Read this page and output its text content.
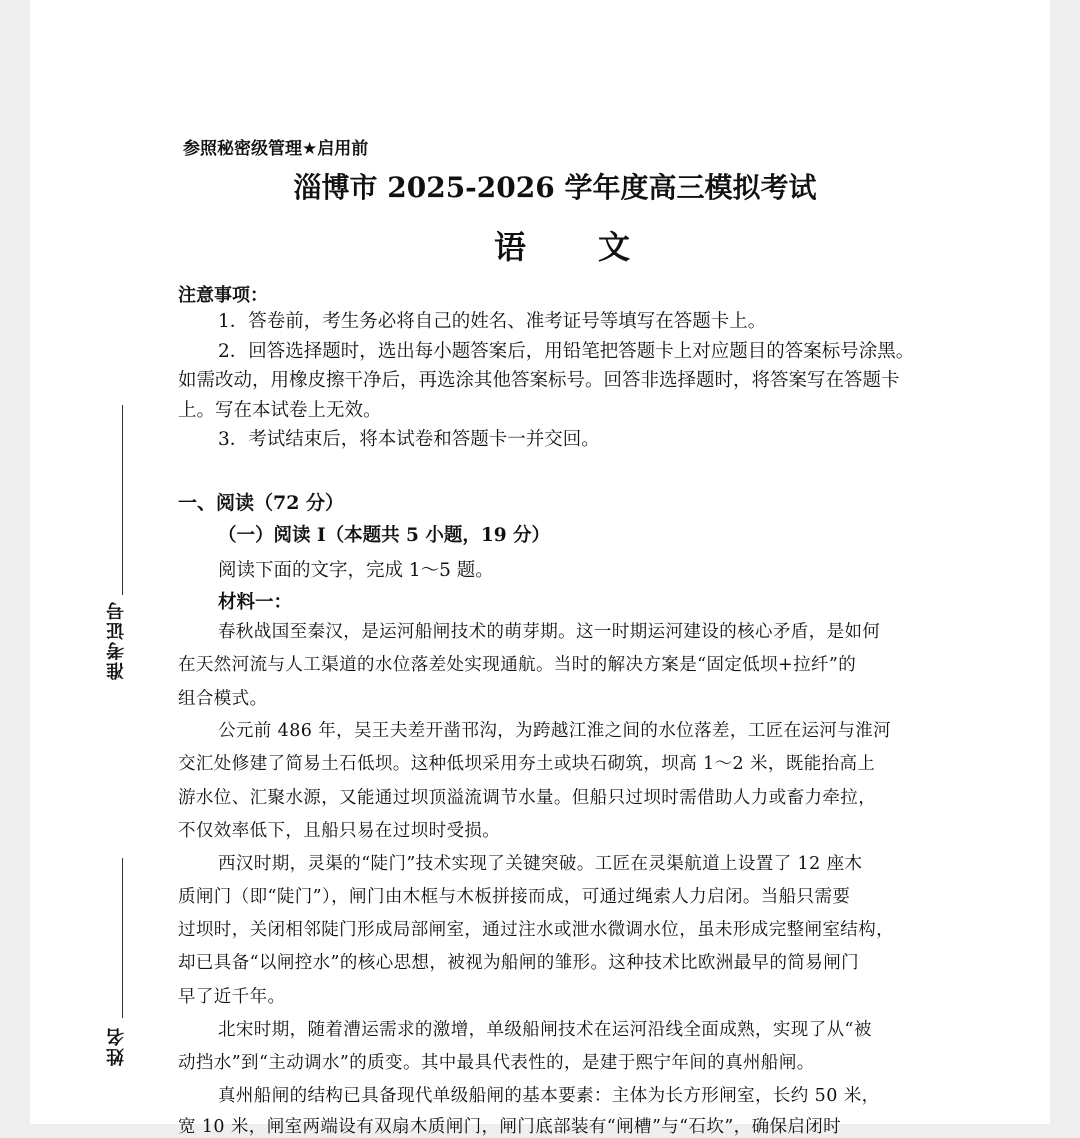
准考证号
姓名
参照秘密级管理★启用前
淄博市 2025-2026 学年度高三模拟考试
语文
注意事项：
1．答卷前，考生务必将自己的姓名、准考证号等填写在答题卡上。
2．回答选择题时，选出每小题答案后，用铅笔把答题卡上对应题目的答案标号涂黑。
如需改动，用橡皮擦干净后，再选涂其他答案标号。回答非选择题时，将答案写在答题卡
上。写在本试卷上无效。
3．考试结束后，将本试卷和答题卡一并交回。
一、阅读（72 分）
（一）阅读 I（本题共 5 小题，19 分）
阅读下面的文字，完成 1～5 题。
材料一：
春秋战国至秦汉，是运河船闸技术的萌芽期。这一时期运河建设的核心矛盾，是如何
在天然河流与人工渠道的水位落差处实现通航。当时的解决方案是“固定低坝+拉纤”的
组合模式。
公元前 486 年，吴王夫差开凿邗沟，为跨越江淮之间的水位落差，工匠在运河与淮河
交汇处修建了简易土石低坝。这种低坝采用夯土或块石砌筑，坝高 1～2 米，既能抬高上
游水位、汇聚水源，又能通过坝顶溢流调节水量。但船只过坝时需借助人力或畜力牵拉，
不仅效率低下，且船只易在过坝时受损。
西汉时期，灵渠的“陡门”技术实现了关键突破。工匠在灵渠航道上设置了 12 座木
质闸门（即“陡门”），闸门由木框与木板拼接而成，可通过绳索人力启闭。当船只需要
过坝时，关闭相邻陡门形成局部闸室，通过注水或泄水微调水位，虽未形成完整闸室结构，
却已具备“以闸控水”的核心思想，被视为船闸的雏形。这种技术比欧洲最早的简易闸门
早了近千年。
北宋时期，随着漕运需求的激增，单级船闸技术在运河沿线全面成熟，实现了从“被
动挡水”到“主动调水”的质变。其中最具代表性的，是建于熙宁年间的真州船闸。
真州船闸的结构已具备现代单级船闸的基本要素：主体为长方形闸室，长约 50 米，
宽 10 米，闸室两端设有双扇木质闸门，闸门底部装有“闸槽”与“石坎”，确保启闭时
